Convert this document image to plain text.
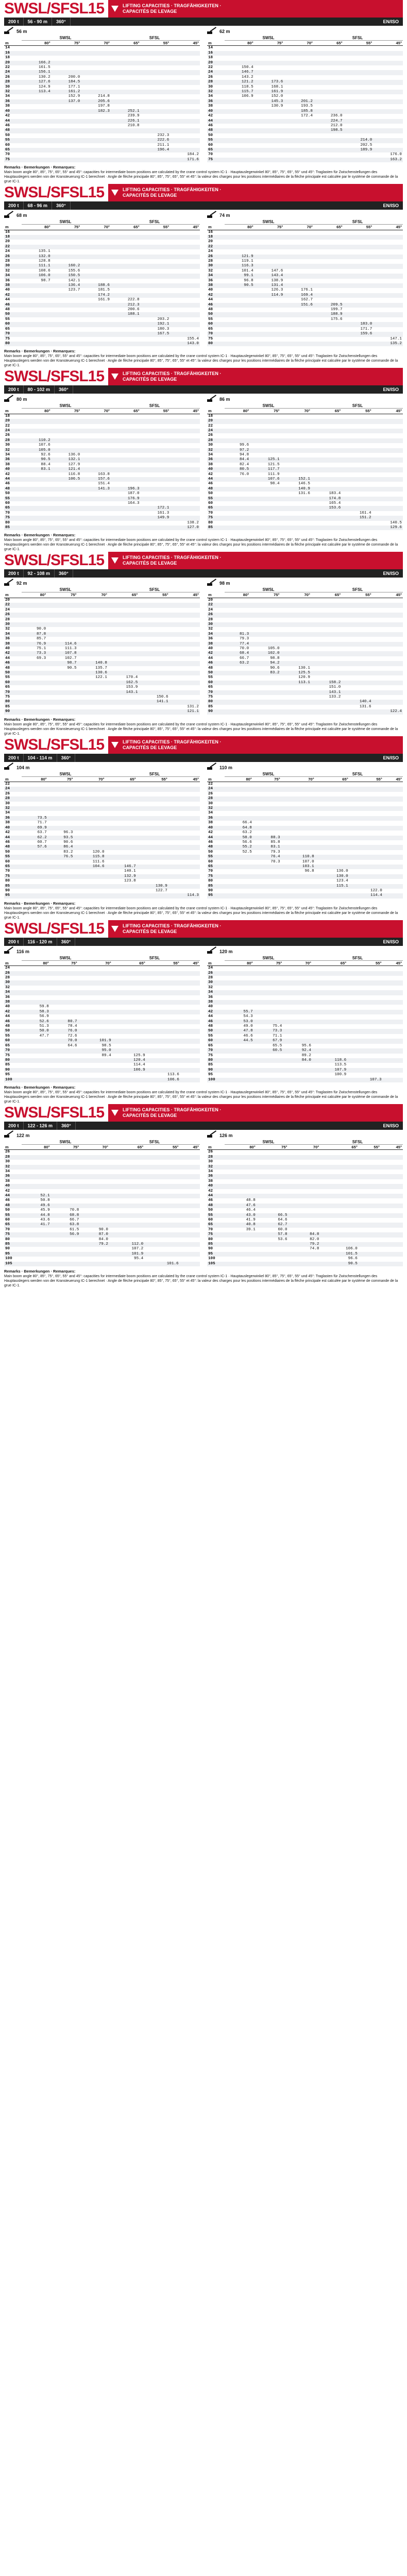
SWSL/SFSL15	LIFTING CAPACITIES · TRAGFÄHIGKEITEN ·
CAPACITÉS DE LEVAGE
200 t	56 - 90 m	360°	EN/ISO
56 m
SWSL	SFSL
m	80°	75°	70°	65°	55°	45°
14						
16						
18						
20	166.2					
22	161.5					
24	156.1					
26	130.2	200.0				
28	127.6	184.5				
30	124.9	177.1				
32	113.4	161.2				
34		152.9	214.8			
36		137.0	205.6			
38			197.8			
40			182.3	252.1		
42				239.9		
44				226.1		
46				210.8		
48						
50					232.3	
55					222.6	
60					211.1	
65					196.4	
70						184.2
75						171.6
62 m
SWSL	SFSL
m	80°	75°	70°	65°	55°	45°
14						
16						
18						
20						
22	150.4					
24	146.7					
26	143.2					
28	121.2	173.6				
30	118.5	168.1				
32	115.7	161.9				
34	106.9	152.0				
36		145.3	201.2			
38		130.9	193.5			
40			185.8			
42			172.4	236.0		
44				224.7		
46				212.0		
48				198.5		
50						
55					214.0	
60					202.5	
65					189.9	
70						176.0
75						163.2
Remarks · Bemerkungen · Remarques:
Main boom angle 80°, 85°, 75°, 65°, 55° and 45°: capacities for intermediate boom positions are calculated by the crane control system IC-1 · Hauptauslegerwinkel 80°, 85°, 75°, 65°, 55° und 45°: Traglasten für Zwischenstellungen des Hauptauslegers werden von der Kransteuerung IC-1 berechnet · Angle de flèche principale 80°, 85°, 75°, 65°, 55° et 45°: la valeur des charges pour les positions intermédiaires de la flèche principale est calculée par le système de commande de la grue IC-1.
SWSL/SFSL15	LIFTING CAPACITIES · TRAGFÄHIGKEITEN ·
CAPACITÉS DE LEVAGE
200 t	68 - 96 m	360°	EN/ISO
68 m
SWSL	SFSL
m	80°	75°	70°	65°	55°	45°
16						
18						
20						
22						
24	135.1					
26	132.0					
28	128.8					
30	111.1	160.2				
32	108.6	155.6				
34	106.0	150.5				
36	98.7	142.1				
38		136.4	188.6			
40		123.7	181.5			
42			174.2			
44			161.9	222.8		
46				212.3		
48				200.6		
50				188.1		
55					203.2	
60					192.1	
65					180.3	
70					167.5	
75						155.4
80						143.0
74 m
SWSL	SFSL
m	80°	75°	70°	65°	55°	45°
16						
18						
20						
22						
24						
26	121.9					
28	119.1					
30	116.3					
32	101.4	147.6				
34	99.1	143.4				
36	96.8	138.9				
38	90.5	131.4				
40		126.3	176.1			
42		114.9	169.4			
44			162.7			
46			151.6	209.5		
48				199.7		
50				188.9		
55				175.6		
60					183.0	
65					171.7	
70					159.6	
75						147.1
80						135.2
Remarks · Bemerkungen · Remarques:
Main boom angle 80°, 85°, 75°, 65°, 55° and 45°: capacities for intermediate boom positions are calculated by the crane control system IC-1 · Hauptauslegerwinkel 80°, 85°, 75°, 65°, 55° und 45°: Traglasten für Zwischenstellungen des Hauptauslegers werden von der Kransteuerung IC-1 berechnet · Angle de flèche principale 80°, 85°, 75°, 65°, 55° et 45°: la valeur des charges pour les positions intermédiaires de la flèche principale est calculée par le système de commande de la grue IC-1.
SWSL/SFSL15	LIFTING CAPACITIES · TRAGFÄHIGKEITEN ·
CAPACITÉS DE LEVAGE
200 t	80 - 102 m	360°	EN/ISO
80 m
SWSL	SFSL
m	80°	75°	70°	65°	55°	45°
18						
20						
22						
24						
26						
28	110.2					
30	107.6					
32	105.0					
34	92.6	136.0				
36	90.5	132.1				
38	88.4	127.9				
40	83.1	121.4				
42		116.8	163.8			
44		106.5	157.6			
46			151.4			
48			141.3	196.3		
50				187.0		
55				176.9		
60				164.3		
65					172.1	
70					161.3	
75					149.9	
80						138.2
85						127.0
86 m
SWSL	SFSL
m	80°	75°	70°	65°	55°	45°
18						
20						
22						
24						
26						
28						
30	99.6					
32	97.2					
34	94.8					
36	84.4	125.1				
38	82.4	121.5				
40	80.5	117.7				
42	76.0	111.9				
44		107.6	152.1			
46		98.4	146.5			
48			140.9			
50			131.6	183.4		
55				174.8		
60				165.4		
65				153.6		
70					161.4	
75					151.2	
80						140.5
85						129.6
Remarks · Bemerkungen · Remarques:
Main boom angle 80°, 85°, 75°, 65°, 55° and 45°: capacities for intermediate boom positions are calculated by the crane control system IC-1 · Hauptauslegerwinkel 80°, 85°, 75°, 65°, 55° und 45°: Traglasten für Zwischenstellungen des Hauptauslegers werden von der Kransteuerung IC-1 berechnet · Angle de flèche principale 80°, 85°, 75°, 65°, 55° et 45°: la valeur des charges pour les positions intermédiaires de la flèche principale est calculée par le système de commande de la grue IC-1.
SWSL/SFSL15	LIFTING CAPACITIES · TRAGFÄHIGKEITEN ·
CAPACITÉS DE LEVAGE
200 t	92 - 108 m	360°	EN/ISO
92 m
SWSL	SFSL
m	80°	75°	70°	65°	55°	45°
20						
22						
24						
26						
28						
30						
32	90.0					
34	87.8					
36	85.7					
38	76.9	114.6				
40	75.1	111.3				
42	73.3	107.8				
44	69.3	102.7				
46		98.7	140.8			
48		90.5	135.7			
50			130.6			
55			122.1	170.4		
60				162.5		
65				153.9		
70				143.1		
75					150.6	
80					141.1	
85						131.2
90						121.1
98 m
SWSL	SFSL
m	80°	75°	70°	65°	55°	45°
20						
22						
24						
26						
28						
30						
32						
34	81.3					
36	79.3					
38	77.4					
40	70.0	105.0				
42	68.4	102.0				
44	66.7	98.8				
46	63.2	94.2				
48		90.6	130.1			
50		83.2	125.5			
55			120.9			
60			113.1	158.2		
65				151.0		
70				143.1		
75				133.2		
80					140.4	
85					131.6	
90						122.4
Remarks · Bemerkungen · Remarques:
Main boom angle 80°, 85°, 75°, 65°, 55° and 45°: capacities for intermediate boom positions are calculated by the crane control system IC-1 · Hauptauslegerwinkel 80°, 85°, 75°, 65°, 55° und 45°: Traglasten für Zwischenstellungen des Hauptauslegers werden von der Kransteuerung IC-1 berechnet · Angle de flèche principale 80°, 85°, 75°, 65°, 55° et 45°: la valeur des charges pour les positions intermédiaires de la flèche principale est calculée par le système de commande de la grue IC-1.
SWSL/SFSL15	LIFTING CAPACITIES · TRAGFÄHIGKEITEN ·
CAPACITÉS DE LEVAGE
200 t	104 - 114 m	360°	EN/ISO
104 m
SWSL	SFSL
m	80°	75°	70°	65°	55°	45°
22						
24						
26						
28						
30						
32						
34						
36	73.5					
38	71.7					
40	69.9					
42	63.7	96.3				
44	62.2	93.5				
46	60.7	90.6				
48	57.6	86.4				
50		83.2	120.0			
55		76.5	115.8			
60			111.6			
65			104.6	146.7		
70				140.1		
75				132.9		
80				123.8		
85					130.9	
90					122.7	
95						114.3
110 m
SWSL	SFSL
m	80°	75°	70°	65°	55°	45°
22						
24						
26						
28						
30						
32						
34						
36						
38	66.4					
40	64.8					
42	63.2					
44	58.0	88.3				
46	56.6	85.8				
48	55.2	83.1				
50	52.5	79.3				
55		76.4	110.8			
60		70.3	107.0			
65			103.1			
70			96.8	136.0		
75				130.0		
80				123.4		
85				115.1		
90					122.0	
95					114.4	
Remarks · Bemerkungen · Remarques:
Main boom angle 80°, 85°, 75°, 65°, 55° and 45°: capacities for intermediate boom positions are calculated by the crane control system IC-1 · Hauptauslegerwinkel 80°, 85°, 75°, 65°, 55° und 45°: Traglasten für Zwischenstellungen des Hauptauslegers werden von der Kransteuerung IC-1 berechnet · Angle de flèche principale 80°, 85°, 75°, 65°, 55° et 45°: la valeur des charges pour les positions intermédiaires de la flèche principale est calculée par le système de commande de la grue IC-1.
SWSL/SFSL15	LIFTING CAPACITIES · TRAGFÄHIGKEITEN ·
CAPACITÉS DE LEVAGE
200 t	116 - 120 m	360°	EN/ISO
116 m
SWSL	SFSL
m	80°	75°	70°	65°	55°	45°
24						
26						
28						
30						
32						
34						
36						
38						
40	59.8					
42	58.3					
44	56.9					
46	52.6	80.7				
48	51.3	78.4				
50	50.0	76.0				
55	47.7	72.6				
60		70.0	101.9			
65		64.6	98.5			
70			95.0			
75			89.4	125.9		
80				120.4		
85				114.4		
90				106.9		
95					113.6	
100					106.6	
120 m
SWSL	SFSL
m	80°	75°	70°	65°	55°	45°
24						
26						
28						
30						
32						
34						
36						
38						
40						
42	55.7					
44	54.3					
46	53.0					
48	49.0	75.4				
50	47.8	73.3				
55	46.6	71.1				
60	44.5	67.9				
65		65.5	95.6			
70		60.5	92.4			
75			89.2			
80			84.0	118.6		
85				113.5		
90				107.9		
95				100.9		
100					107.3	
Remarks · Bemerkungen · Remarques:
Main boom angle 80°, 85°, 75°, 65°, 55° and 45°: capacities for intermediate boom positions are calculated by the crane control system IC-1 · Hauptauslegerwinkel 80°, 85°, 75°, 65°, 55° und 45°: Traglasten für Zwischenstellungen des Hauptauslegers werden von der Kransteuerung IC-1 berechnet · Angle de flèche principale 80°, 85°, 75°, 65°, 55° et 45°: la valeur des charges pour les positions intermédiaires de la flèche principale est calculée par le système de commande de la grue IC-1.
SWSL/SFSL15	LIFTING CAPACITIES · TRAGFÄHIGKEITEN ·
CAPACITÉS DE LEVAGE
200 t	122 - 126 m	360°	EN/ISO
122 m
SWSL	SFSL
m	80°	75°	70°	65°	55°	45°
26						
28						
30						
32						
34						
36						
38						
40						
42						
44	52.1					
46	50.8					
48	49.6					
50	45.9	70.8				
55	44.8	68.8				
60	43.6	66.7				
65	41.7	63.8				
70		61.5	90.0			
75		56.9	87.0			
80			84.0			
85			79.2	112.0		
90				107.2		
95				101.9		
100				95.4		
105					101.6	
126 m
SWSL	SFSL
m	80°	75°	70°	65°	55°	45°
26						
28						
30						
32						
34						
36						
38						
40						
42						
44						
46	48.8					
48	47.6					
50	46.4					
55	43.0	66.5				
60	41.9	64.6				
65	40.8	62.7				
70	39.1	60.0				
75		57.8	84.8			
80		53.6	82.0			
85			79.2			
90			74.8	106.0		
95				101.5		
100				96.6		
105				90.5		
Remarks · Bemerkungen · Remarques:
Main boom angle 80°, 85°, 75°, 65°, 55° and 45°: capacities for intermediate boom positions are calculated by the crane control system IC-1 · Hauptauslegerwinkel 80°, 85°, 75°, 65°, 55° und 45°: Traglasten für Zwischenstellungen des Hauptauslegers werden von der Kransteuerung IC-1 berechnet · Angle de flèche principale 80°, 85°, 75°, 65°, 55° et 45°: la valeur des charges pour les positions intermédiaires de la flèche principale est calculée par le système de commande de la grue IC-1.
